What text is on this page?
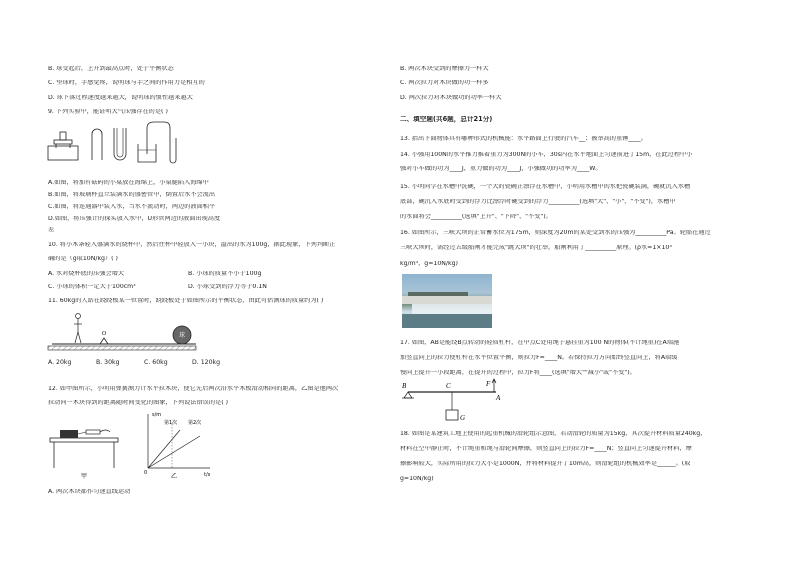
B. 球受起后，上升到最高点时，处于平衡状态
C. 垫球时，手感觉疼，说明球与手之间的作用力是相互的
D. 球下落过程速度越来越大，说明球的惯性越来越大
9. 下列实验中，能证明大气压强存在的是( )
A.如图，将加有砝码的小桌放在海绵上，小桌腿陷入海绵中
B.如图，将玻璃杯直立装满水的盛密管中，倒置后水不会流出
C.如图，将连通器中装入水，当水不流动时，两边的液面相平
D.如图，将压强计的探头放入水中，U形管两边的液面出现高度
差
10. 将小木条轻入盛满水的烧杯中，然后往杯中轻放入一小块，溢出的水为100g，据此现象，下列判断正
确的是（g取10N/kg）( )
A. 水对烧杯底的压强会增大	B. 小球的质量不小于100g
C. 小球的体积一定大于100cm³	D. 小球受到的浮力等于0.1N
11. 60kg的人站在跷跷板某一位置时，跷跷板处于如图所示的平衡状态，由此可估测球的质量约为( )
O	球
A. 20kg	B. 30kg	C. 60kg	D. 120kg
12. 如甲图所示，小明用弹簧测力计水平拉木块，使它先后两次沿水平木板滑动相同的距离，乙图是他两次
拉动同一木块得到的距离随时间变化的图象，下列说法错误的是( )
甲
s/m
t/s
0
第1次 第2次
乙
A. 两次木块都作匀速直线运动
B. 两次木块受到的摩擦力一样大
C. 两次拉力对木块做的功一样多
D. 两次拉力对木块做功的功率一样大
二、填空题(共6题，总计21分)
13. 指出下面物体具有哪种形式的机械能：水平路面上行驶的汽车__；被举高的重锤____。
14. 小强用100N的水平推力推着重力为300N的小车，30s内在水平地面上匀速前进了15m，在此过程中小
强对小车做的功为____J，重力做的功为____J，小强做功的功率为____W。
15. 小明同学在水槽中洗碗，一个大的瓷碗正漂浮在水槽中，小明用水槽中的水把瓷碗装满，碗就沉入水槽
底部，碗沉入水底时受到的浮力比漂浮时碗受到的浮力__________(选填"大"、"小"、"不变")，水槽中
的水面将会__________(选填"上升"、"下降"、"不变")。
16. 如图所示，三峡大坝的正常蓄水位为175m，则深度为20m的某处受到水的压强为__________Pa。轮船在通过
三峡大坝时，需经过五级船闸才能完成"跳大坝"的壮举，船闸利用了__________原理。(ρ水=1×10³
kg/m³，g=10N/kg)
17. 如图，AB是能绕B点转动的轻质杠杆，在中点C处用绳子悬挂重为100 N的物体(不计绳重)在A端施
加竖直向上的拉力使杠杆在水平位置平衡，则拉力F=____N。若保持拉力方向始终竖直向上，将A端缓
慢向上提升一小段距离，在提升的过程中，拉力F将____(选填"增大""减小"或"不变")。
B	C	F
A
G
18. 如图是某建筑工地上使用的起重机械的滑轮组示意图，若动滑轮的质量为15kg，其次提升材料质量240kg，
材料在空中静止时，不计绳重和绳与滑轮间摩擦，则竖直向上的拉力F=____N；竖直向上匀速提升材料，摩
擦影响较大，实际所用的拉力大小是1000N，并将材料提升了10m高，则滑轮组的机械效率是______。(取
g=10N/kg)
